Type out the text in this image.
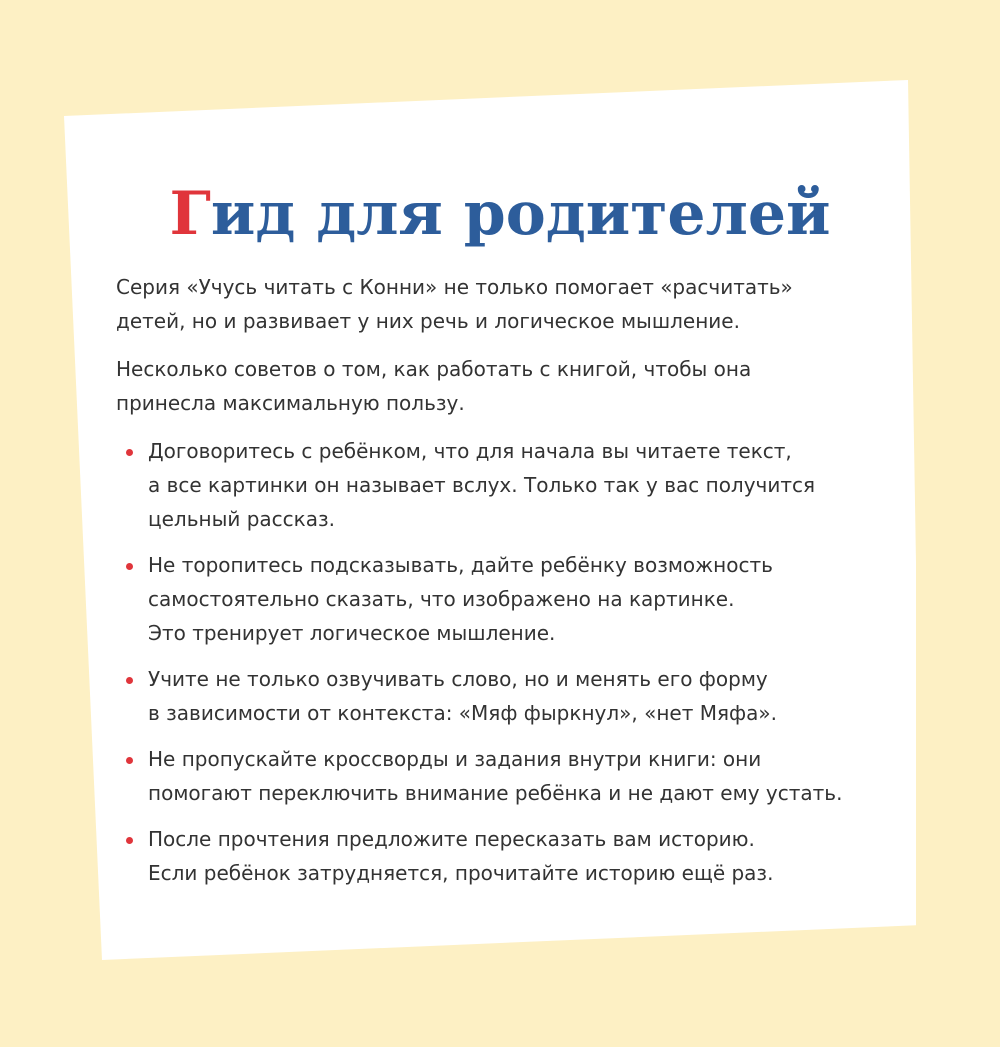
Гид для родителей

Серия «Учусь читать с Конни» не только помогает «расчитать»
детей, но и развивает у них речь и логическое мышление.

Несколько советов о том, как работать с книгой, чтобы она
принесла максимальную пользу.

Договоритесь с ребёнком, что для начала вы читаете текст,
а все картинки он называет вслух. Только так у вас получится
цельный рассказ.
Не торопитесь подсказывать, дайте ребёнку возможность
самостоятельно сказать, что изображено на картинке.
Это тренирует логическое мышление.
Учите не только озвучивать слово, но и менять его форму
в зависимости от контекста: «Мяф фыркнул», «нет Мяфа».
Не пропускайте кроссворды и задания внутри книги: они
помогают переключить внимание ребёнка и не дают ему устать.
После прочтения предложите пересказать вам историю.
Если ребёнок затрудняется, прочитайте историю ещё раз.
